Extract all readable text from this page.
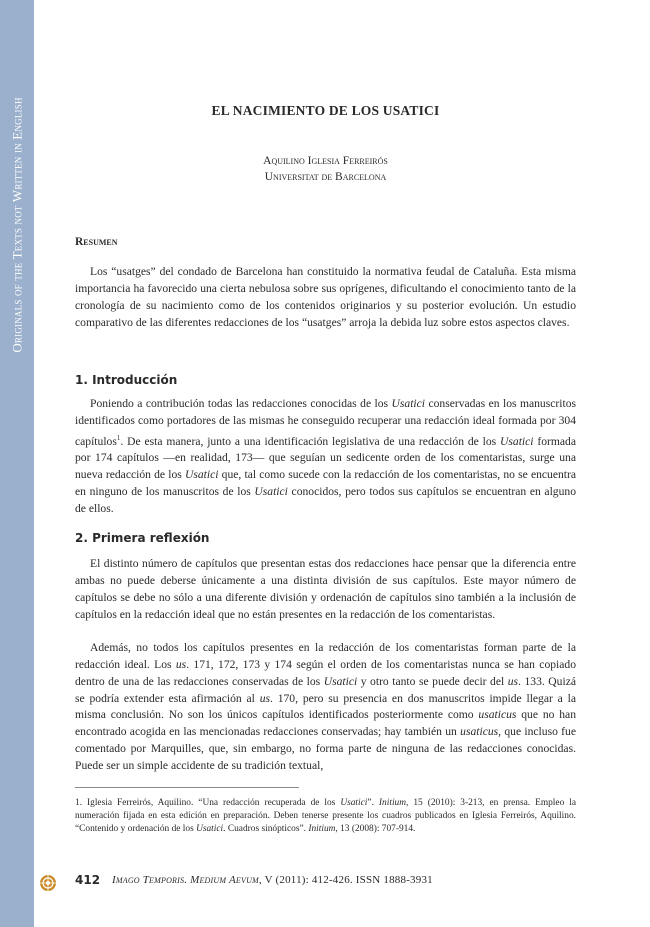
Originals of the Texts not Written in English	EL NACIMIENTO DE LOS USATICI
Aquilino Iglesia Ferreirós
Universitat de Barcelona
Resumen

Los “usatges” del condado de Barcelona han constituido la normativa feudal de Cataluña. Esta misma importancia ha favorecido una cierta nebulosa sobre sus oprígenes, dificultando el conocimiento tanto de la cronología de su nacimiento como de los contenidos originarios y su posterior evolución. Un estudio comparativo de las diferentes redacciones de los “usatges” arroja la debida luz sobre estos aspectos claves.

1. Introducción

Poniendo a contribución todas las redacciones conocidas de los Usatici conservadas en los manuscritos identificados como portadores de las mismas he conseguido recuperar una redacción ideal formada por 304 capítulos$^1$. De esta manera, junto a una identificación legislativa de una redacción de los Usatici formada por 174 capítulos —en realidad, 173— que seguían un sedicente orden de los comentaristas, surge una nueva redacción de los Usatici que, tal como sucede con la redacción de los comentaristas, no se encuentra en ninguno de los manuscritos de los Usatici conocidos, pero todos sus capítulos se encuentran en alguno de ellos.

2. Primera reflexión

El distinto número de capítulos que presentan estas dos redacciones hace pensar que la diferencia entre ambas no puede deberse únicamente a una distinta división de sus capítulos. Este mayor número de capítulos se debe no sólo a una diferente división y ordenación de capítulos sino también a la inclusión de capítulos en la redacción ideal que no están presentes en la redacción de los comentaristas.

Además, no todos los capítulos presentes en la redacción de los comentaristas forman parte de la redacción ideal. Los us. 171, 172, 173 y 174 según el orden de los comentaristas nunca se han copiado dentro de una de las redacciones conservadas de los Usatici y otro tanto se puede decir del us. 133. Quizá se podría extender esta afirmación al us. 170, pero su presencia en dos manuscritos impide llegar a la misma conclusión. No son los únicos capítulos identificados posteriormente como usaticus que no han encontrado acogida en las mencionadas redacciones conservadas; hay también un usaticus, que incluso fue comentado por Marquilles, que, sin embargo, no forma parte de ninguna de las redacciones conocidas. Puede ser un simple accidente de su tradición textual,

1. Iglesia Ferreirós, Aquilino. “Una redacción recuperada de los Usatici”. Initium, 15 (2010): 3-213, en prensa. Empleo la numeración fijada en esta edición en preparación. Deben tenerse presente los cuadros publicados en Iglesia Ferreirós, Aquilino. “Contenido y ordenación de los Usatici. Cuadros sinópticos”. Initium, 13 (2008): 707-914.

412 Imago Temporis. Medium Aevum, V (2011): 412-426. ISSN 1888-3931
